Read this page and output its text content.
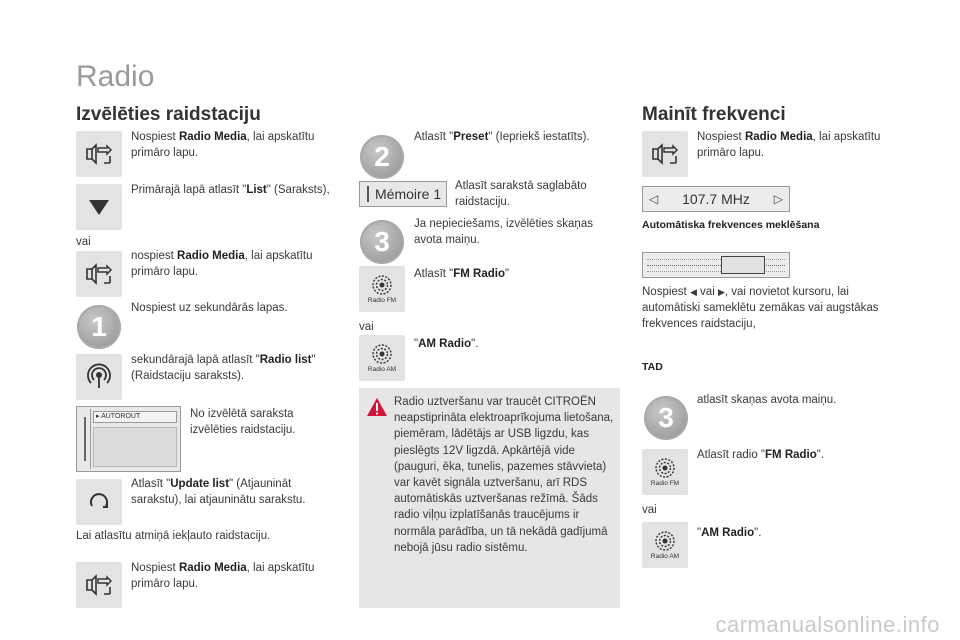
Radio
Izvēlēties raidstaciju
Nospiest Radio Media, lai apskatītu primāro lapu.
Primārajā lapā atlasīt "List" (Saraksts),
vai
nospiest Radio Media, lai apskatītu primāro lapu.
1
Nospiest uz sekundārās lapas.
sekundārajā lapā atlasīt "Radio list" (Raidstaciju saraksts).
▸ AUTOROUT	No izvēlētā saraksta izvēlēties raidstaciju.
Atlasīt "Update list" (Atjaunināt sarakstu), lai atjauninātu sarakstu.
Lai atlasītu atmiņā iekļauto raidstaciju.
Nospiest Radio Media, lai apskatītu primāro lapu.
2
Atlasīt "Preset" (Iepriekš iestatīts).
Mémoire 1 Atlasīt sarakstā saglabāto raidstaciju.
3
Ja nepieciešams, izvēlēties skaņas avota maiņu.
Radio FM
Atlasīt "FM Radio"
vai
Radio AM
"AM Radio".
Radio uztveršanu var traucēt CITROËN neapstiprināta elektroaprīkojuma lietošana, piemēram, lādētājs ar USB ligzdu, kas pieslēgts 12V ligzdā. Apkārtējā vide (pauguri, ēka, tunelis, pazemes stāvvieta) var kavēt signāla uztveršanu, arī RDS automātiskās uztveršanas režīmā. Šāds radio viļņu izplatīšanās traucējums ir normāla parādība, un tā nekādā gadījumā nebojā jūsu radio sistēmu.
Mainīt frekvenci
Nospiest Radio Media, lai apskatītu primāro lapu.
◁ 107.7 MHz ▷
Automātiska frekvences meklēšana
Nospiest ◀ vai ▶, vai novietot kursoru, lai automātiski sameklētu zemākas vai augstākas frekvences raidstaciju,
TAD
3
atlasīt skaņas avota maiņu.
Radio FM
Atlasīt radio "FM Radio".
vai
Radio AM
"AM Radio".
carmanualsonline.info
